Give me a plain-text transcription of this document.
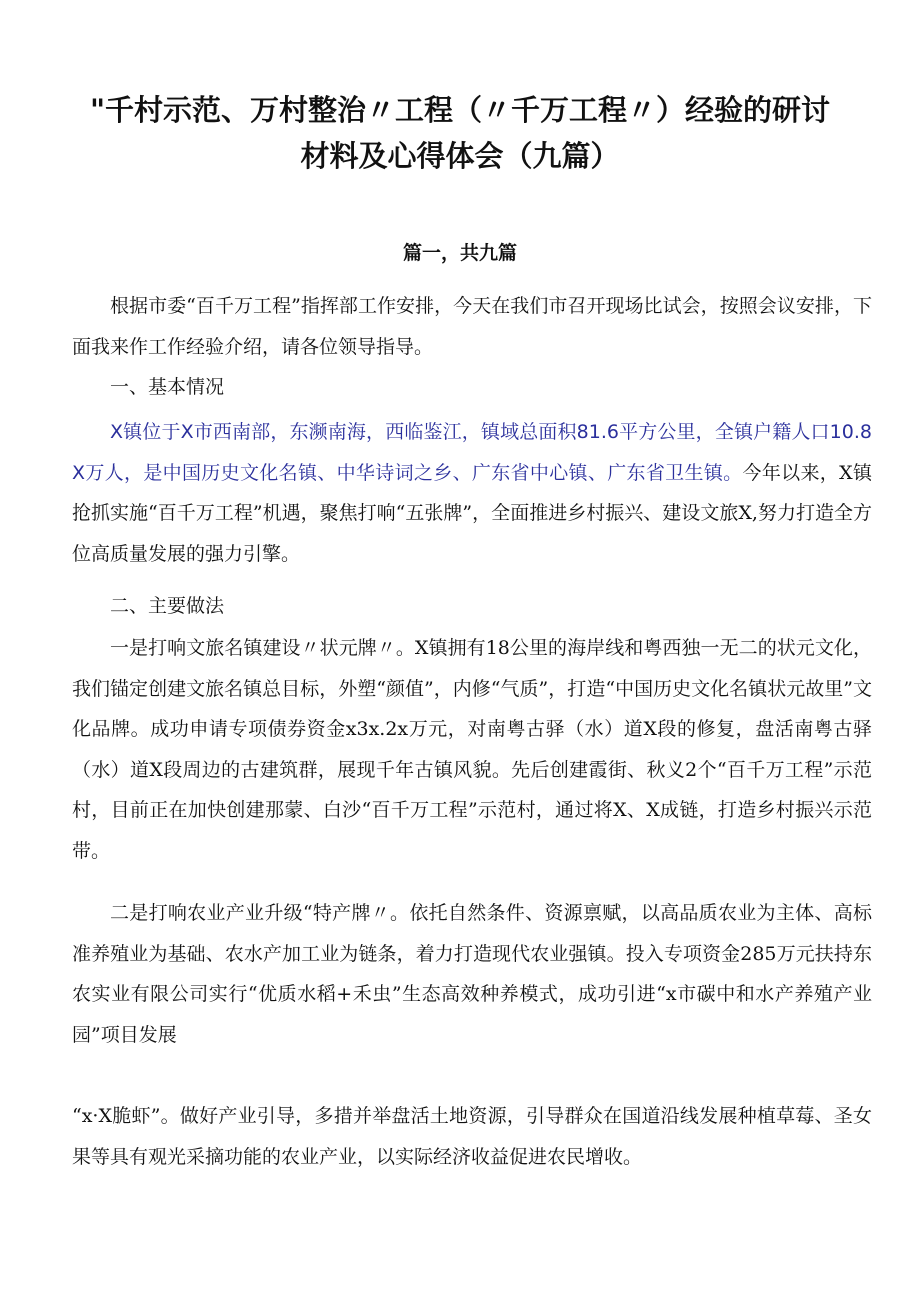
"千村示范、万村整治〃工程（〃千万工程〃）经验的研讨
材料及心得体会（九篇）
篇一，共九篇

根据市委“百千万工程”指挥部工作安排，今天在我们市召开现场比试会，按照会议安排，下面我来作工作经验介绍，请各位领导指导。

一、基本情况

X镇位于X市西南部，东濒南海，西临鉴江，镇域总面积81.6平方公里，全镇户籍人口10.8X万人，是中国历史文化名镇、中华诗词之乡、广东省中心镇、广东省卫生镇。今年以来，X镇抢抓实施“百千万工程”机遇，聚焦打响“五张牌”，全面推进乡村振兴、建设文旅X,努力打造全方位高质量发展的强力引擎。

二、主要做法

一是打响文旅名镇建设〃状元牌〃。X镇拥有18公里的海岸线和粤西独一无二的状元文化，我们锚定创建文旅名镇总目标，外塑“颜值”，内修“气质”，打造“中国历史文化名镇状元故里”文化品牌。成功申请专项债券资金x3x.2x万元，对南粤古驿（水）道X段的修复，盘活南粤古驿（水）道X段周边的古建筑群，展现千年古镇风貌。先后创建霞街、秋义2个“百千万工程”示范村，目前正在加快创建那蒙、白沙“百千万工程”示范村，通过将X、X成链，打造乡村振兴示范带。

二是打响农业产业升级“特产牌〃。依托自然条件、资源禀赋，以高品质农业为主体、高标准养殖业为基础、农水产加工业为链条，着力打造现代农业强镇。投入专项资金285万元扶持东农实业有限公司实行“优质水稻+禾虫”生态高效种养模式，成功引进“x市碳中和水产养殖产业园”项目发展

“x·X脆虾”。做好产业引导，多措并举盘活土地资源，引导群众在国道沿线发展种植草莓、圣女果等具有观光采摘功能的农业产业，以实际经济收益促进农民增收。
